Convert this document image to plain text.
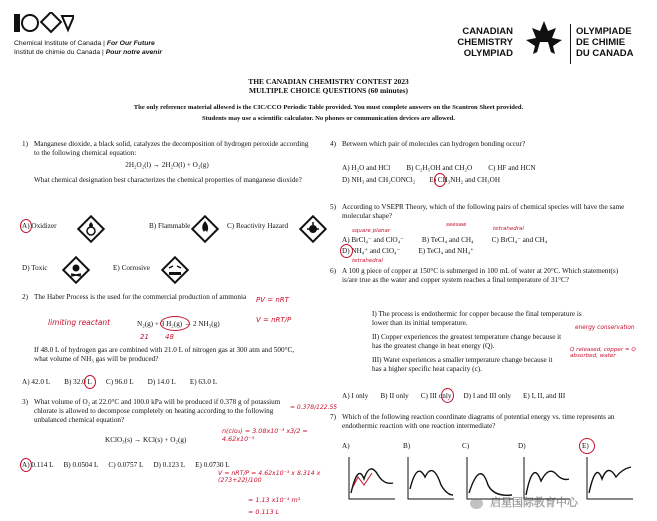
Chemical Institute of Canada | For Our Future
Institut de chimie du Canada | Pour notre avenir
CANADIAN
CHEMISTRY
OLYMPIAD
OLYMPIADE
DE CHIMIE
DU CANADA
THE CANADIAN CHEMISTRY CONTEST 2023
MULTIPLE CHOICE QUESTIONS (60 minutes)
The only reference material allowed is the CIC/CCO Periodic Table provided. You must complete answers on the Scantron Sheet provided.
Students may use a scientific calculator. No phones or communication devices are allowed.
1) Manganese dioxide, a black solid, catalyzes the decomposition of hydrogen peroxide according to the following chemical equation:
2H₂O₂(l) → 2H₂O(l) + O₂(g)
What chemical designation best characterizes the chemical properties of manganese dioxide?
A) Oxidizer	B) Flammable	C) Reactivity Hazard
D) Toxic	E) Corrosive
2) The Haber Process is the used for the commercial production of ammonia
limiting reactant	N₂(g) + 3 H₂(g) → 2 NH₃(g)
21 48
PV = nRT
V = nRT/P
If 48.0 L of hydrogen gas are combined with 21.0 L of nitrogen gas at 300 atm and 500°C, what volume of NH₃ gas will be produced?
A) 42.0 L B) 32.0 L C) 96.0 L D) 14.0 L E) 63.0 L
3) What volume of O₂ at 22.0°C and 100.0 kPa will be produced if 0.378 g of potassium chlorate is allowed to decompose completely on heating according to the following unbalanced chemical equation?
KClO₃(s) → KCl(s) + O₂(g)
A) 0.114 L B) 0.0504 L C) 0.0757 L D) 0.123 L E) 0.0730 L
= 0.378/122.55
n(clo₃) = 3.08x10⁻³ x3/2 = 4.62x10⁻³
V = nRT/P = 4.62x10⁻³ x 8.314 x (273+22)/100
= 1.13 x10⁻⁴ m³
= 0.113 L
4) Between which pair of molecules can hydrogen bonding occur?
A) H₂O and HCl B) C₂H₅OH and CH₂O C) HF and HCN
D) NH₃ and CH₂CONCl₂ E) CH₃NH₂ and CH₃OH
5) According to VSEPR Theory, which of the following pairs of chemical species will have the same molecular shape?
square planar
seesaw
tetrahedral
A) BrCl₄⁻ and ClO₄⁻	B) TeCl₄ and CH₄	C) BrCl₄⁻ and CH₄
D) NH₄⁺ and ClO₄⁻	E) TeCl₄ and NH₄⁺
tetrahedral
6) A 100 g piece of copper at 150°C is submerged in 100 mL of water at 20°C. Which statement(s) is/are true as the water and copper system reaches a final temperature of 31°C?
I) The process is endothermic for copper because the final temperature is lower than its initial temperature.
II) Copper experiences the greatest temperature change because it has the greatest change in heat energy (Q).
III) Water experiences a smaller temperature change because it has a higher specific heat capacity (c).
energy conservation
Q released, copper = Q absorbed, water
A) I only B) II only C) III only D) I and III only E) I, II, and III
7) Which of the following reaction coordinate diagrams of potential energy vs. time represents an endothermic reaction with one reaction intermediate?
A)	B)	C)	D)	E)
启星国际教育中心
